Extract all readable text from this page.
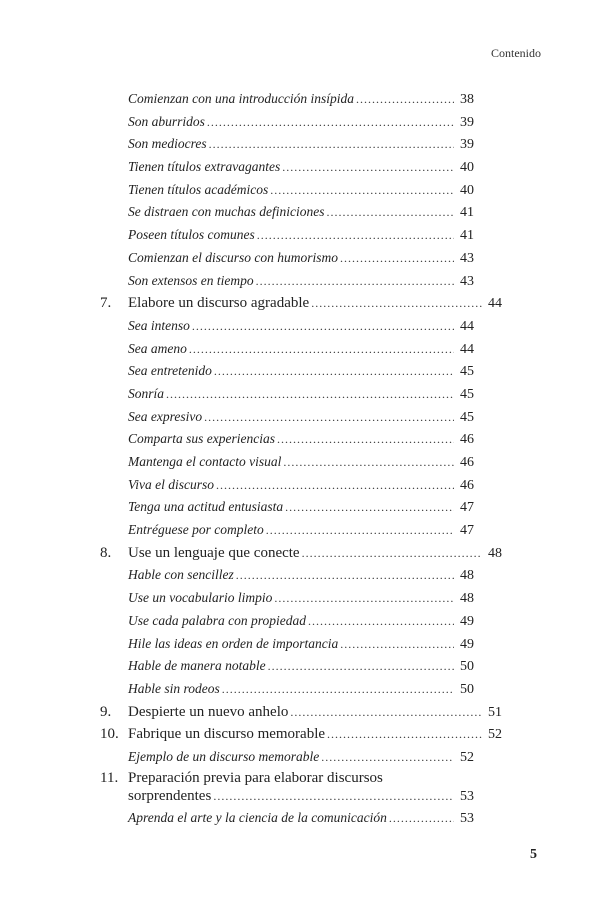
Contenido
Comienzan con una introducción insípida .....	38
Son aburridos .....	39
Son mediocres .....	39
Tienen títulos extravagantes .....	40
Tienen títulos académicos .....	40
Se distraen con muchas definiciones .....	41
Poseen títulos comunes .....	41
Comienzan el discurso con humorismo .....	43
Son extensos en tiempo .....	43
7.	Elabore un discurso agradable .....	44
Sea intenso .....	44
Sea ameno .....	44
Sea entretenido .....	45
Sonría .....	45
Sea expresivo .....	45
Comparta sus experiencias .....	46
Mantenga el contacto visual .....	46
Viva el discurso .....	46
Tenga una actitud entusiasta .....	47
Entréguese por completo .....	47
8.	Use un lenguaje que conecte .....	48
Hable con sencillez .....	48
Use un vocabulario limpio .....	48
Use cada palabra con propiedad .....	49
Hile las ideas en orden de importancia .....	49
Hable de manera notable .....	50
Hable sin rodeos .....	50
9.	Despierte un nuevo anhelo .....	51
10. Fabrique un discurso memorable .....	52
Ejemplo de un discurso memorable .....	52
11. Preparación previa para elaborar discursos
sorprendentes .....	53
Aprenda el arte y la ciencia de la comunicación .....	53
5
